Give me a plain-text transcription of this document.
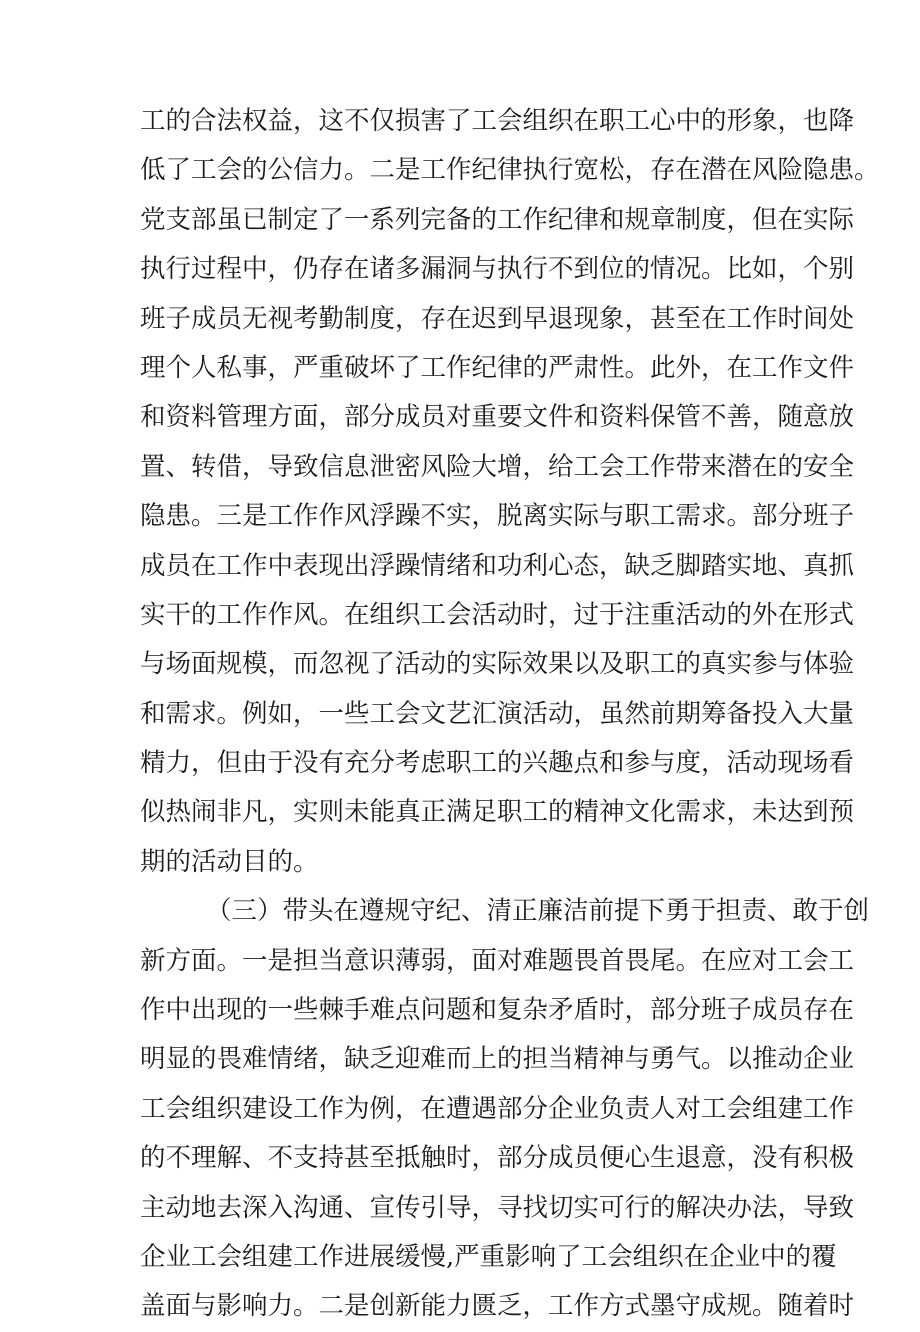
工的合法权益，这不仅损害了工会组织在职工心中的形象，也降
低了工会的公信力。二是工作纪律执行宽松，存在潜在风险隐患。
党支部虽已制定了一系列完备的工作纪律和规章制度，但在实际
执行过程中，仍存在诸多漏洞与执行不到位的情况。比如，个别
班子成员无视考勤制度，存在迟到早退现象，甚至在工作时间处
理个人私事，严重破坏了工作纪律的严肃性。此外，在工作文件
和资料管理方面，部分成员对重要文件和资料保管不善，随意放
置、转借，导致信息泄密风险大增，给工会工作带来潜在的安全
隐患。三是工作作风浮躁不实，脱离实际与职工需求。部分班子
成员在工作中表现出浮躁情绪和功利心态，缺乏脚踏实地、真抓
实干的工作作风。在组织工会活动时，过于注重活动的外在形式
与场面规模，而忽视了活动的实际效果以及职工的真实参与体验
和需求。例如，一些工会文艺汇演活动，虽然前期筹备投入大量
精力，但由于没有充分考虑职工的兴趣点和参与度，活动现场看
似热闹非凡，实则未能真正满足职工的精神文化需求，未达到预
期的活动目的。
（三）带头在遵规守纪、清正廉洁前提下勇于担责、敢于创
新方面。一是担当意识薄弱，面对难题畏首畏尾。在应对工会工
作中出现的一些棘手难点问题和复杂矛盾时，部分班子成员存在
明显的畏难情绪，缺乏迎难而上的担当精神与勇气。以推动企业
工会组织建设工作为例，在遭遇部分企业负责人对工会组建工作
的不理解、不支持甚至抵触时，部分成员便心生退意，没有积极
主动地去深入沟通、宣传引导，寻找切实可行的解决办法，导致
企业工会组建工作进展缓慢,严重影响了工会组织在企业中的覆
盖面与影响力。二是创新能力匮乏，工作方式墨守成规。随着时
